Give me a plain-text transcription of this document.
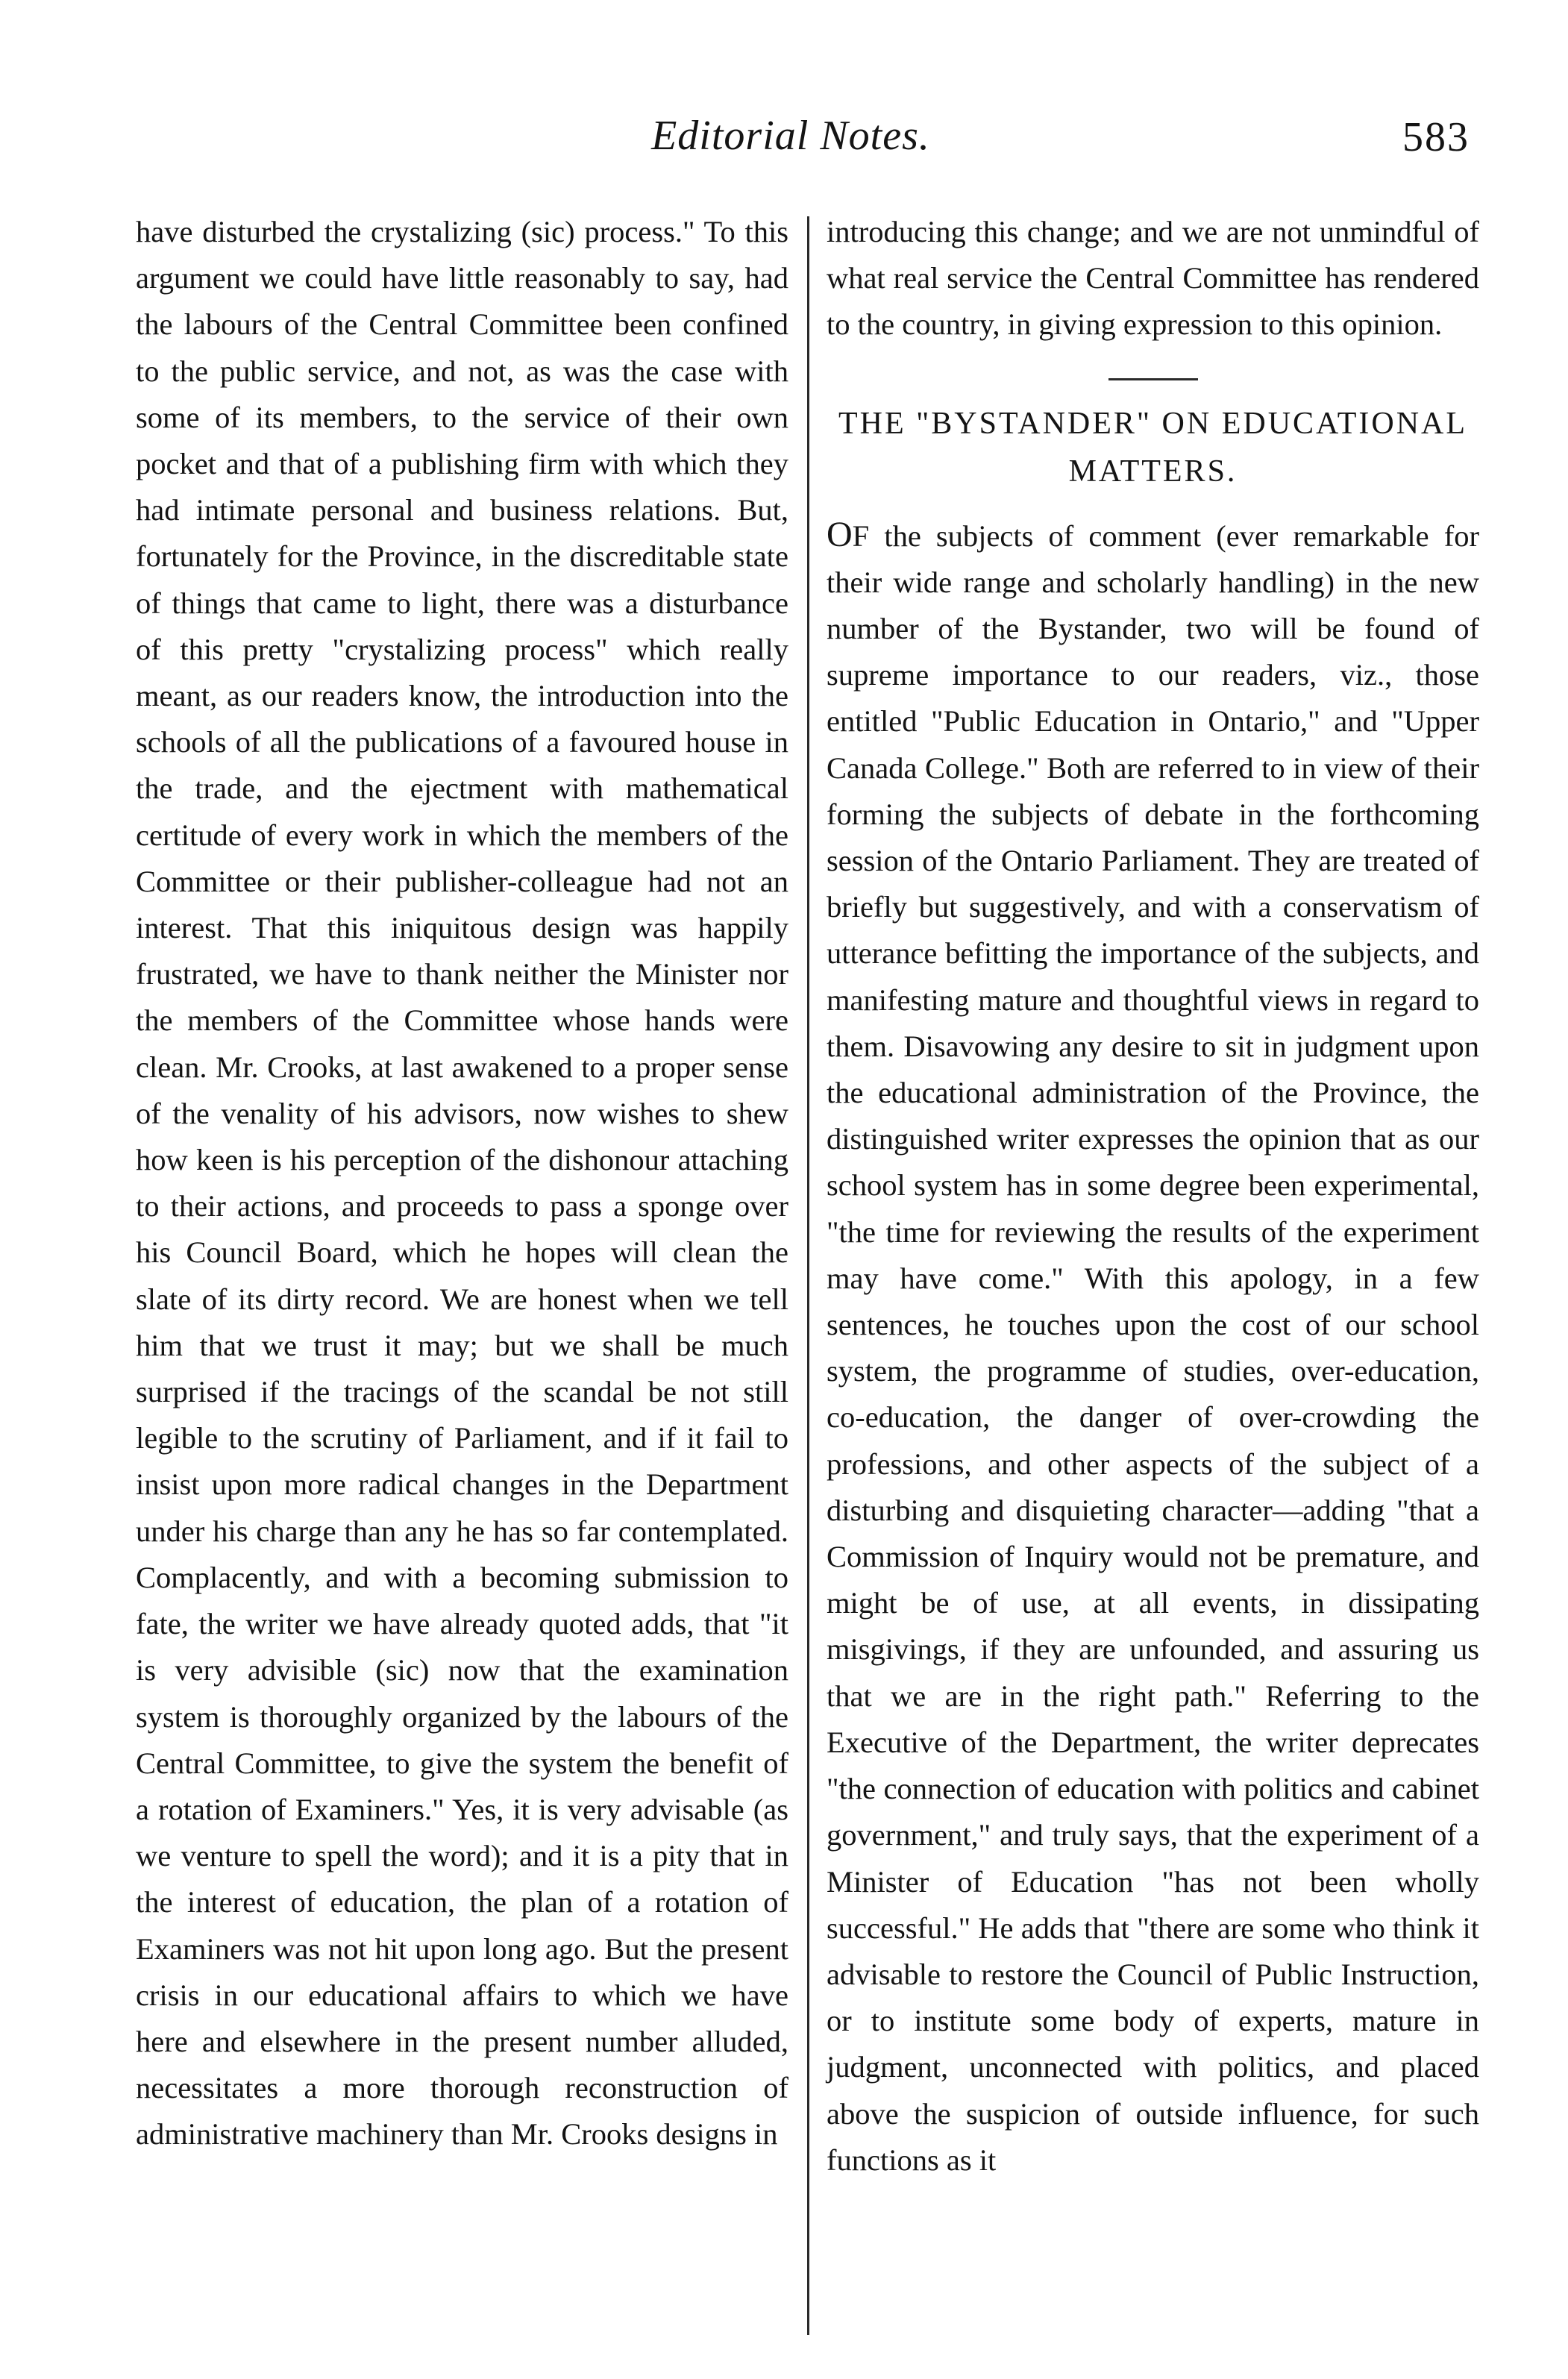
Editorial Notes.	583

have disturbed the crystalizing (sic) process." To this argument we could have little reasonably to say, had the labours of the Central Committee been confined to the public service, and not, as was the case with some of its members, to the service of their own pocket and that of a publishing firm with which they had intimate personal and business relations. But, fortunately for the Province, in the discreditable state of things that came to light, there was a disturbance of this pretty "crystalizing process" which really meant, as our readers know, the introduction into the schools of all the publications of a favoured house in the trade, and the ejectment with mathematical certitude of every work in which the members of the Committee or their publisher-colleague had not an interest. That this iniquitous design was happily frustrated, we have to thank neither the Minister nor the members of the Committee whose hands were clean. Mr. Crooks, at last awakened to a proper sense of the venality of his advisors, now wishes to shew how keen is his perception of the dishonour attaching to their actions, and proceeds to pass a sponge over his Council Board, which he hopes will clean the slate of its dirty record. We are honest when we tell him that we trust it may; but we shall be much surprised if the tracings of the scandal be not still legible to the scrutiny of Parliament, and if it fail to insist upon more radical changes in the Department under his charge than any he has so far contemplated. Complacently, and with a becoming submission to fate, the writer we have already quoted adds, that "it is very advisible (sic) now that the examination system is thoroughly organized by the labours of the Central Committee, to give the system the benefit of a rotation of Examiners." Yes, it is very advisable (as we venture to spell the word); and it is a pity that in the interest of education, the plan of a rotation of Examiners was not hit upon long ago. But the present crisis in our educational affairs to which we have here and elsewhere in the present number alluded, necessitates a more thorough reconstruction of administrative machinery than Mr. Crooks designs in

introducing this change; and we are not unmindful of what real service the Central Committee has rendered to the country, in giving expression to this opinion.

THE "BYSTANDER" ON EDUCATIONAL MATTERS.

OF the subjects of comment (ever remarkable for their wide range and scholarly handling) in the new number of the Bystander, two will be found of supreme importance to our readers, viz., those entitled "Public Education in Ontario," and "Upper Canada College." Both are referred to in view of their forming the subjects of debate in the forthcoming session of the Ontario Parliament. They are treated of briefly but suggestively, and with a conservatism of utterance befitting the importance of the subjects, and manifesting mature and thoughtful views in regard to them. Disavowing any desire to sit in judgment upon the educational administration of the Province, the distinguished writer expresses the opinion that as our school system has in some degree been experimental, "the time for reviewing the results of the experiment may have come." With this apology, in a few sentences, he touches upon the cost of our school system, the programme of studies, over-education, co-education, the danger of over-crowding the professions, and other aspects of the subject of a disturbing and disquieting character—adding "that a Commission of Inquiry would not be premature, and might be of use, at all events, in dissipating misgivings, if they are unfounded, and assuring us that we are in the right path." Referring to the Executive of the Department, the writer deprecates "the connection of education with politics and cabinet government," and truly says, that the experiment of a Minister of Education "has not been wholly successful." He adds that "there are some who think it advisable to restore the Council of Public Instruction, or to institute some body of experts, mature in judgment, unconnected with politics, and placed above the suspicion of outside influence, for such functions as it
